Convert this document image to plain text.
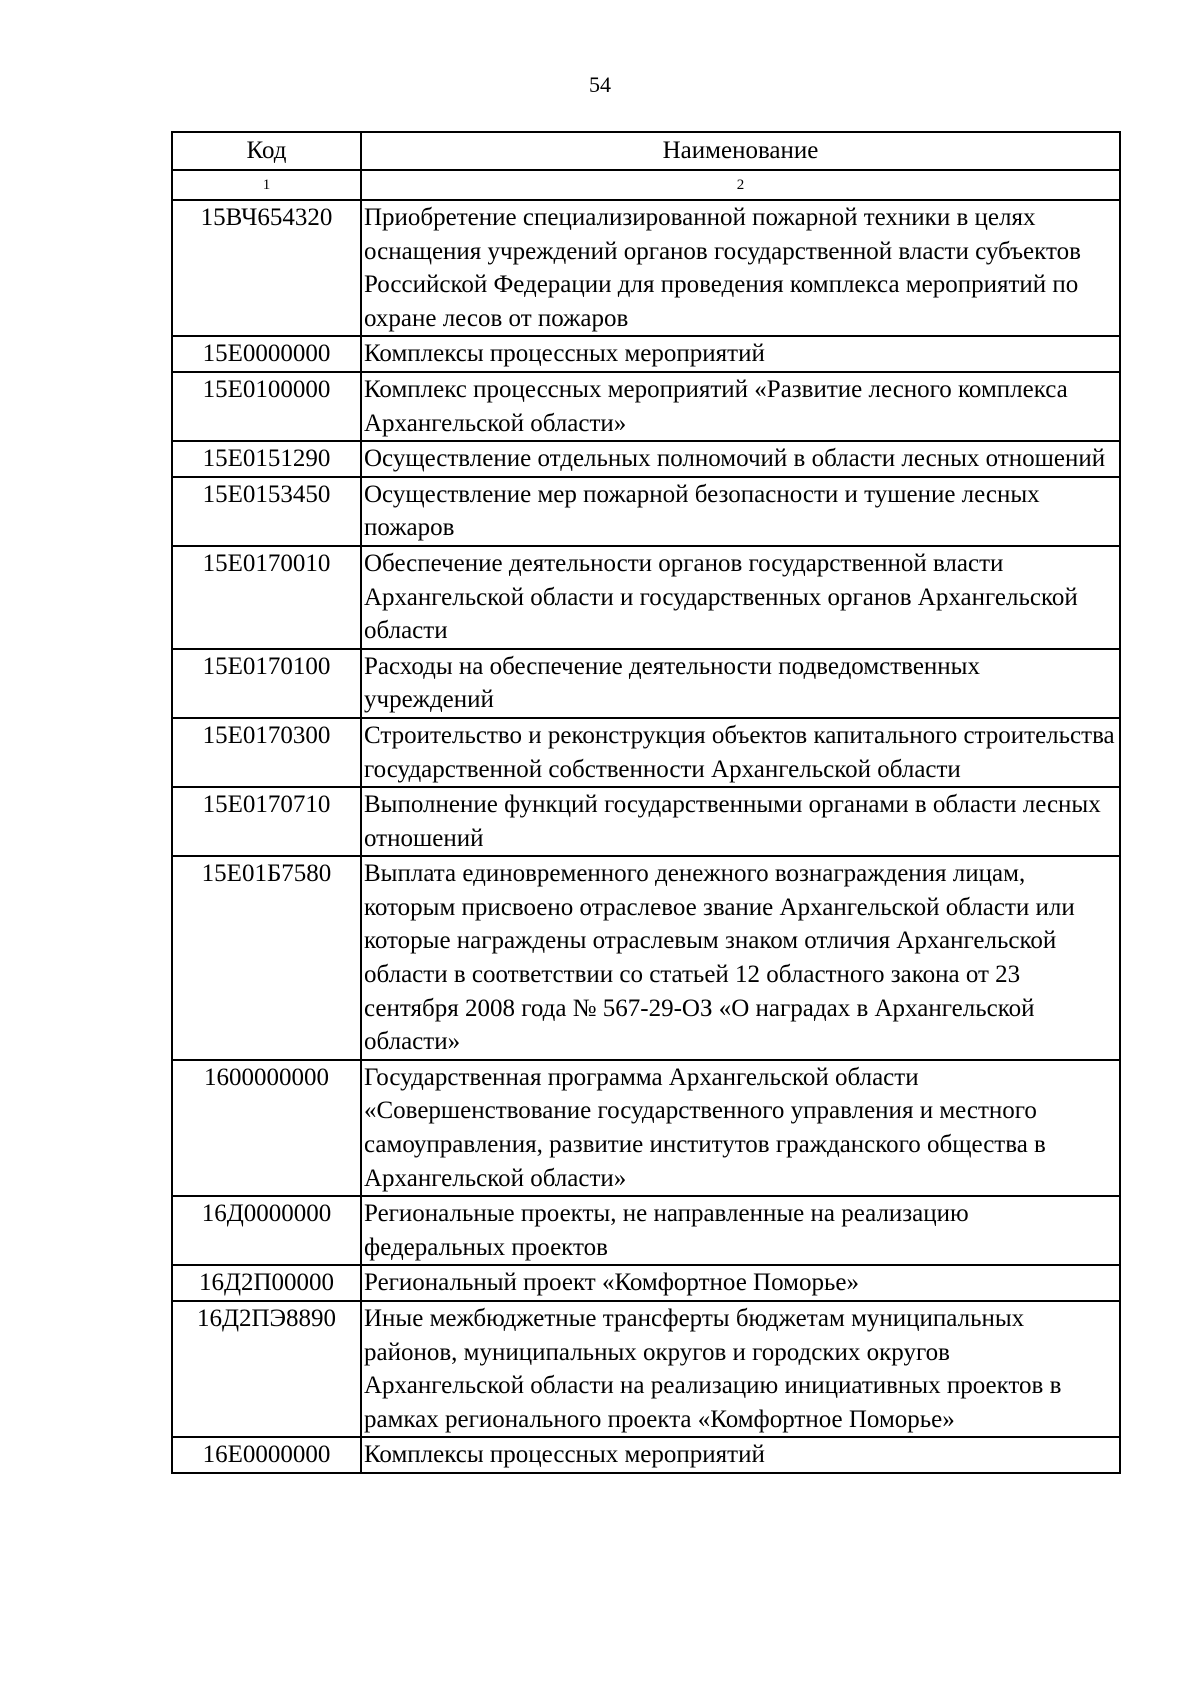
54
Код	Наименование
1	2
15ВЧ654320	Приобретение специализированной пожарной техники в целях оснащения учреждений органов государственной власти субъектов Российской Федерации для проведения комплекса мероприятий по охране лесов от пожаров
15Е0000000	Комплексы процессных мероприятий
15Е0100000	Комплекс процессных мероприятий «Развитие лесного комплекса Архангельской области»
15Е0151290	Осуществление отдельных полномочий в области лесных отношений
15Е0153450	Осуществление мер пожарной безопасности и тушение лесных пожаров
15Е0170010	Обеспечение деятельности органов государственной власти Архангельской области и государственных органов Архангельской области
15Е0170100	Расходы на обеспечение деятельности подведомственных учреждений
15Е0170300	Строительство и реконструкция объектов капитального строительства государственной собственности Архангельской области
15Е0170710	Выполнение функций государственными органами в области лесных отношений
15Е01Б7580	Выплата единовременного денежного вознаграждения лицам, которым присвоено отраслевое звание Архангельской области или которые награждены отраслевым знаком отличия Архангельской области в соответствии со статьей 12 областного закона от 23 сентября 2008 года № 567-29-ОЗ «О наградах в Архангельской области»
1600000000	Государственная программа Архангельской области «Совершенствование государственного управления и местного самоуправления, развитие институтов гражданского общества в Архангельской области»
16Д0000000	Региональные проекты, не направленные на реализацию федеральных проектов
16Д2П00000	Региональный проект «Комфортное Поморье»
16Д2ПЭ8890	Иные межбюджетные трансферты бюджетам муниципальных районов, муниципальных округов и городских округов Архангельской области на реализацию инициативных проектов в рамках регионального проекта «Комфортное Поморье»
16Е0000000	Комплексы процессных мероприятий
